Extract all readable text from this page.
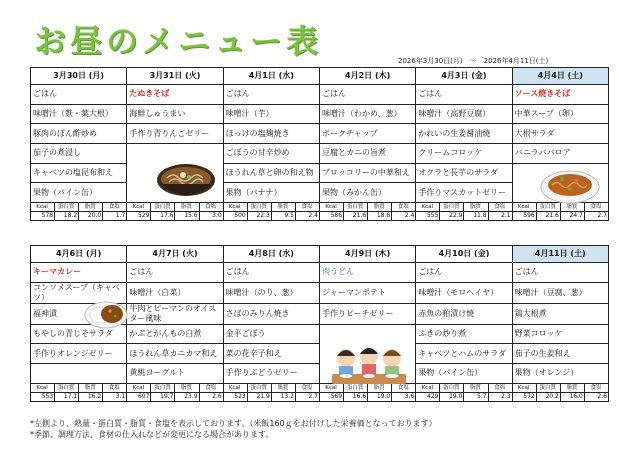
お昼のメニュー表
2026年3月30日(月)　～　2026年4月11日(土)
3月30日 (月)	3月31日 (火)	4月1日 (水)	4月2日 (木)	4月3日 (金)	4月4日 (土)
ごはん	たぬきそば	ごはん	ごはん	ごはん	ソース焼きそば
味噌汁（麩・葉大根）	海鮮しゅうまい	味噌汁（芋）	味噌汁（わかめ、葱）	味噌汁（高野豆腐）	中華スープ（卵）
豚肉のぽん酢炒め	手作り青りんごゼリー	ほっけの塩麹焼き	ポークチャップ	かれいの生姜醤油焼	大根サラダ
茄子の煮浸し		ごぼうの甘辛炒め	豆腐とカニの旨煮	クリームコロッケ	バニラババロア
キャベツの塩昆布和え		ほうれん草と卵の和え物	ブロッコリーの中華和え	オクラと長芋のサラダ	
果物（パイン缶）		果物（バナナ）	果物（みかん缶）	手作りマスカットゼリー	

Kcal 蛋白質 脂質 食塩	Kcal 蛋白質 脂質 食塩	Kcal 蛋白質 脂質 食塩	Kcal 蛋白質 脂質 食塩	Kcal 蛋白質 脂質 食塩	Kcal 蛋白質 脂質 食塩

578 18.2 20.0 1.7	529 17.6 15.6 3.0	500 22.3 9.5 2.4	586 21.6 18.8 2.4	555 22.9 11.8 2.1	596 21.6 24.7 2.7
4月6日 (月)	4月7日 (火)	4月8日 (水)	4月9日 (木)	4月10日 (金)	4月11日 (土)
キーマカレー	ごはん	ごはん	肉うどん	ごはん	ごはん
コンソメスープ（キャベツ）	味噌汁（白菜）	味噌汁（のり、葱）	ジャーマンポテト	味噌汁（モロヘイヤ）	味噌汁（豆腐、葱）
福神漬	牛肉とピーマンのオイスター風味	さばのみりん焼き	手作りピーチゼリー	赤魚の粕漬け焼	鶏大根煮
もやしの青じそサラダ	かぶとがんもの白煮	金平ごぼう		ふきの炒り煮	野菜コロッケ
手作りオレンジゼリー	ほうれん草カニカマ和え	菜の花辛子和え		キャベツとハムのサラダ	茄子の生姜和え
	黄桃ヨーグルト	手作りぶどうゼリー		果物（パイン缶）	果物（オレンジ）

Kcal 蛋白質 脂質 食塩	Kcal 蛋白質 脂質 食塩	Kcal 蛋白質 脂質 食塩	Kcal 蛋白質 脂質 食塩	Kcal 蛋白質 脂質 食塩	Kcal 蛋白質 脂質 食塩

553 17.1 16.2 3.1	607 19.7 23.9 2.6	523 21.9 13.2 2.7	569 16.6 19.0 3.6	429 19.0 5.7 2.3	572 20.2 16.0 2.6
*左側より、熱量・蛋白質・脂質・食塩を表示しております。（米飯160ｇをお付けした栄養価となっております）
*季節、調理方法、食材の仕入れなどが変更になる場合があります。
